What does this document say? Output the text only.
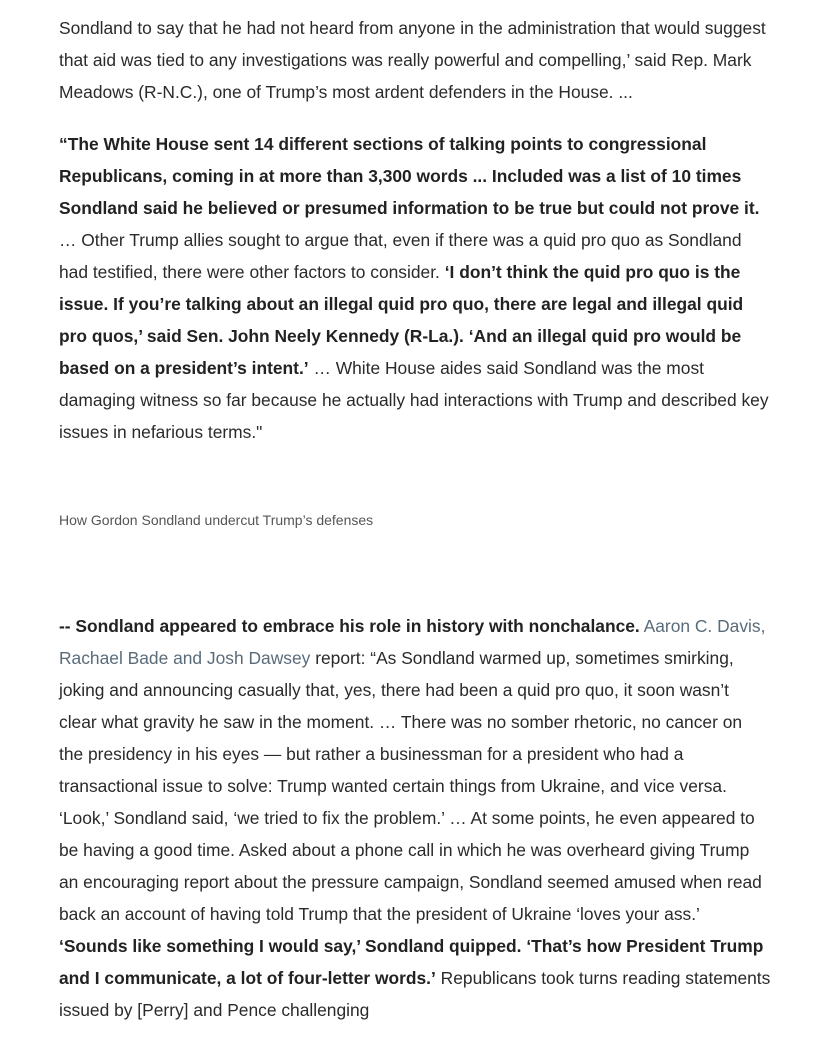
Sondland to say that he had not heard from anyone in the administration that would suggest that aid was tied to any investigations was really powerful and compelling,’ said Rep. Mark Meadows (R-N.C.), one of Trump’s most ardent defenders in the House. ...

“The White House sent 14 different sections of talking points to congressional Republicans, coming in at more than 3,300 words ... Included was a list of 10 times Sondland said he believed or presumed information to be true but could not prove it. … Other Trump allies sought to argue that, even if there was a quid pro quo as Sondland had testified, there were other factors to consider. ‘I don’t think the quid pro quo is the issue. If you’re talking about an illegal quid pro quo, there are legal and illegal quid pro quos,’ said Sen. John Neely Kennedy (R-La.). ‘And an illegal quid pro would be based on a president’s intent.’ … White House aides said Sondland was the most damaging witness so far because he actually had interactions with Trump and described key issues in nefarious terms."

How Gordon Sondland undercut Trump’s defenses

-- Sondland appeared to embrace his role in history with nonchalance. Aaron C. Davis, Rachael Bade and Josh Dawsey report: “As Sondland warmed up, sometimes smirking, joking and announcing casually that, yes, there had been a quid pro quo, it soon wasn’t clear what gravity he saw in the moment. … There was no somber rhetoric, no cancer on the presidency in his eyes — but rather a businessman for a president who had a transactional issue to solve: Trump wanted certain things from Ukraine, and vice versa. ‘Look,’ Sondland said, ‘we tried to fix the problem.’ … At some points, he even appeared to be having a good time. Asked about a phone call in which he was overheard giving Trump an encouraging report about the pressure campaign, Sondland seemed amused when read back an account of having told Trump that the president of Ukraine ‘loves your ass.’ ‘Sounds like something I would say,’ Sondland quipped. ‘That’s how President Trump and I communicate, a lot of four-letter words.’ Republicans took turns reading statements issued by [Perry] and Pence challenging
